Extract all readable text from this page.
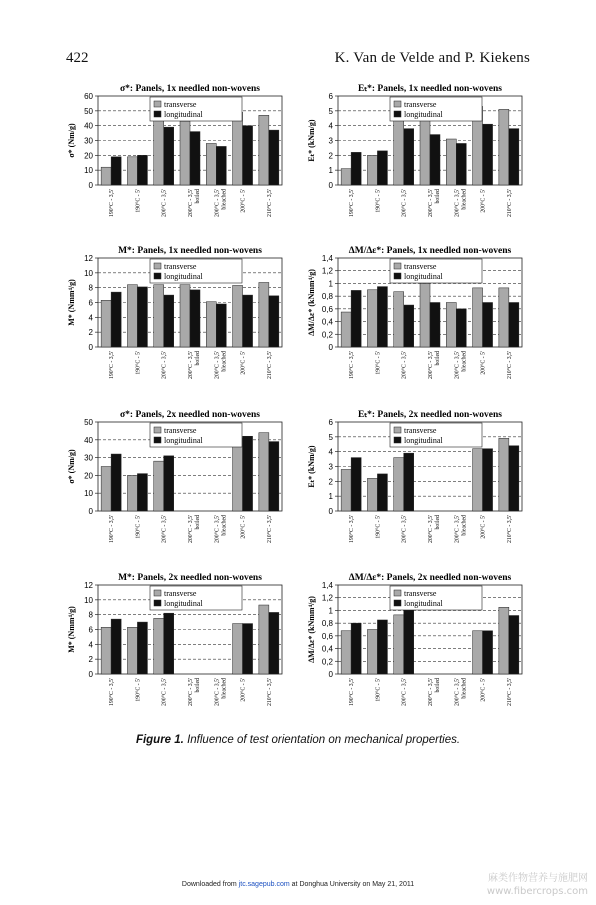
422	K. Van de Velde and P. Kiekens
σ*: Panels, 1x needled non-wovens
0
10
20
30
40
50
60
σ* (Nm/g)
190°C - 3,5'	190°C - 5'	200°C - 3,5'	200°C - 3,5' boiled 200°C - 3,5' bleached 200°C - 5'	210°C - 3,5'
transverse
longitudinal
Eₜ*: Panels, 1x needled non-wovens
0
1
2
3
4
5
6
Eₜ* (kNm/g)
190°C - 3,5'	190°C - 5'	200°C - 3,5'	200°C - 3,5' boiled 200°C - 3,5' bleached 200°C - 5'	210°C - 3,5'
transverse
longitudinal
M*: Panels, 1x needled non-wovens
0
2
4
6
8
10
12
M* (Nmm⁴/g)
190°C - 3,5'	190°C - 5'	200°C - 3,5'	200°C - 3,5' boiled 200°C - 3,5' bleached 200°C - 5'	210°C - 3,5'
transverse
longitudinal
ΔM/Δε*: Panels, 1x needled non-wovens
0
0,2
0,4
0,6
0,8
1
1,2
1,4
ΔM/Δε* (kNmm⁴/g)
190°C - 3,5'	190°C - 5'	200°C - 3,5'	200°C - 3,5' boiled 200°C - 3,5' bleached 200°C - 5'	210°C - 3,5'
transverse
longitudinal
σ*: Panels, 2x needled non-wovens
0
10
20
30
40
50
σ* (Nm/g)
190°C - 3,5'	190°C - 5'	200°C - 3,5'	200°C - 3,5' boiled 200°C - 3,5' bleached 200°C - 5'	210°C - 3,5'
transverse
longitudinal
Eₜ*: Panels, 2x needled non-wovens
0
1
2
3
4
5
6
Eₜ* (kNm/g)
190°C - 3,5'	190°C - 5'	200°C - 3,5'	200°C - 3,5' boiled 200°C - 3,5' bleached 200°C - 5'	210°C - 3,5'
transverse
longitudinal
M*: Panels, 2x needled non-wovens
0
2
4
6
8
10
12
M* (Nmm⁴/g)
190°C - 3,5'	190°C - 5'	200°C - 3,5'	200°C - 3,5' boiled 200°C - 3,5' bleached 200°C - 5'	210°C - 3,5'
transverse
longitudinal
ΔM/Δε*: Panels, 2x needled non-wovens
0
0,2
0,4
0,6
0,8
1
1,2
1,4
ΔM/Δε* (kNmm⁴/g)
190°C - 3,5'	190°C - 5'	200°C - 3,5'	200°C - 3,5' boiled 200°C - 3,5' bleached 200°C - 5'	210°C - 3,5'
transverse
longitudinal
Figure 1. Influence of test orientation on mechanical properties.
Downloaded from jtc.sagepub.com at Donghua University on May 21, 2011
麻类作物营养与施肥网
www.fibercrops.com
